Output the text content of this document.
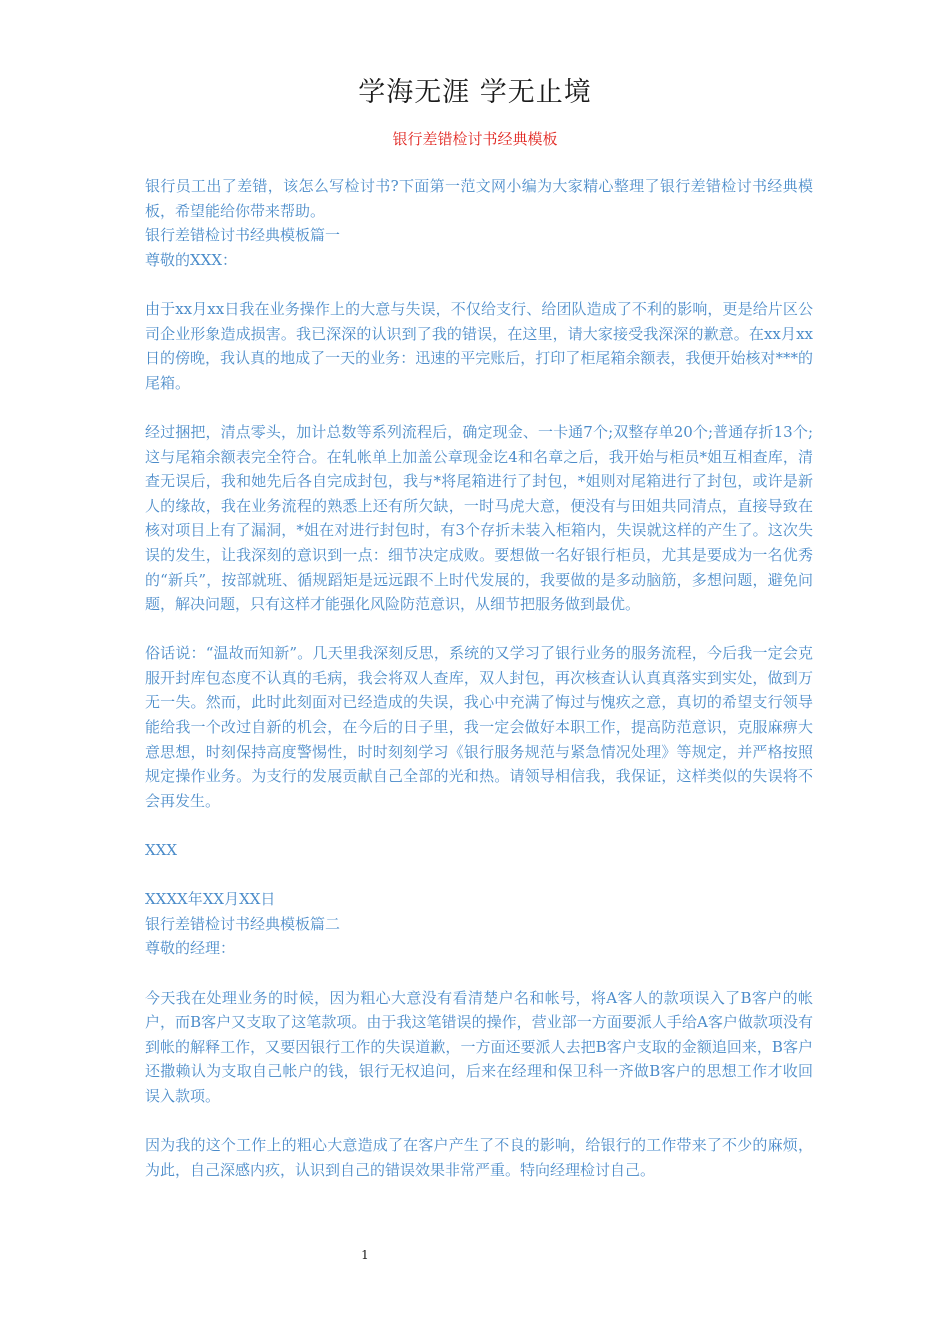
学海无涯 学无止境
银行差错检讨书经典模板

银行员工出了差错，该怎么写检讨书?下面第一范文网小编为大家精心整理了银行差错检讨书经典模板，希望能给你带来帮助。

银行差错检讨书经典模板篇一

尊敬的XXX：

由于xx月xx日我在业务操作上的大意与失误，不仅给支行、给团队造成了不利的影响，更是给片区公司企业形象造成损害。我已深深的认识到了我的错误，在这里，请大家接受我深深的歉意。在xx月xx日的傍晚，我认真的地成了一天的业务：迅速的平完账后，打印了柜尾箱余额表，我便开始核对***的尾箱。

经过捆把，清点零头，加计总数等系列流程后，确定现金、一卡通7个;双整存单20个;普通存折13个;这与尾箱余额表完全符合。在轧帐单上加盖公章现金讫4和名章之后，我开始与柜员*姐互相查库，清查无误后，我和她先后各自完成封包，我与*将尾箱进行了封包，*姐则对尾箱进行了封包，或许是新人的缘故，我在业务流程的熟悉上还有所欠缺，一时马虎大意，便没有与田姐共同清点，直接导致在核对项目上有了漏洞，*姐在对进行封包时，有3个存折未装入柜箱内，失误就这样的产生了。这次失误的发生，让我深刻的意识到一点：细节决定成败。要想做一名好银行柜员，尤其是要成为一名优秀的“新兵”，按部就班、循规蹈矩是远远跟不上时代发展的，我要做的是多动脑筋，多想问题，避免问题，解决问题，只有这样才能强化风险防范意识，从细节把服务做到最优。

俗话说：“温故而知新”。几天里我深刻反思，系统的又学习了银行业务的服务流程，今后我一定会克服开封库包态度不认真的毛病，我会将双人查库，双人封包，再次核查认认真真落实到实处，做到万无一失。然而，此时此刻面对已经造成的失误，我心中充满了悔过与愧疚之意，真切的希望支行领导能给我一个改过自新的机会，在今后的日子里，我一定会做好本职工作，提高防范意识，克服麻痹大意思想，时刻保持高度警惕性，时时刻刻学习《银行服务规范与紧急情况处理》等规定，并严格按照规定操作业务。为支行的发展贡献自己全部的光和热。请领导相信我，我保证，这样类似的失误将不会再发生。

XXX

XXXX年XX月XX日

银行差错检讨书经典模板篇二

尊敬的经理：

今天我在处理业务的时候，因为粗心大意没有看清楚户名和帐号，将A客人的款项误入了B客户的帐户，而B客户又支取了这笔款项。由于我这笔错误的操作，营业部一方面要派人手给A客户做款项没有到帐的解释工作，又要因银行工作的失误道歉，一方面还要派人去把B客户支取的金额追回来，B客户还撒赖认为支取自己帐户的钱，银行无权追问，后来在经理和保卫科一齐做B客户的思想工作才收回误入款项。

因为我的这个工作上的粗心大意造成了在客户产生了不良的影响，给银行的工作带来了不少的麻烦，为此，自己深感内疚，认识到自己的错误效果非常严重。特向经理检讨自己。

1
